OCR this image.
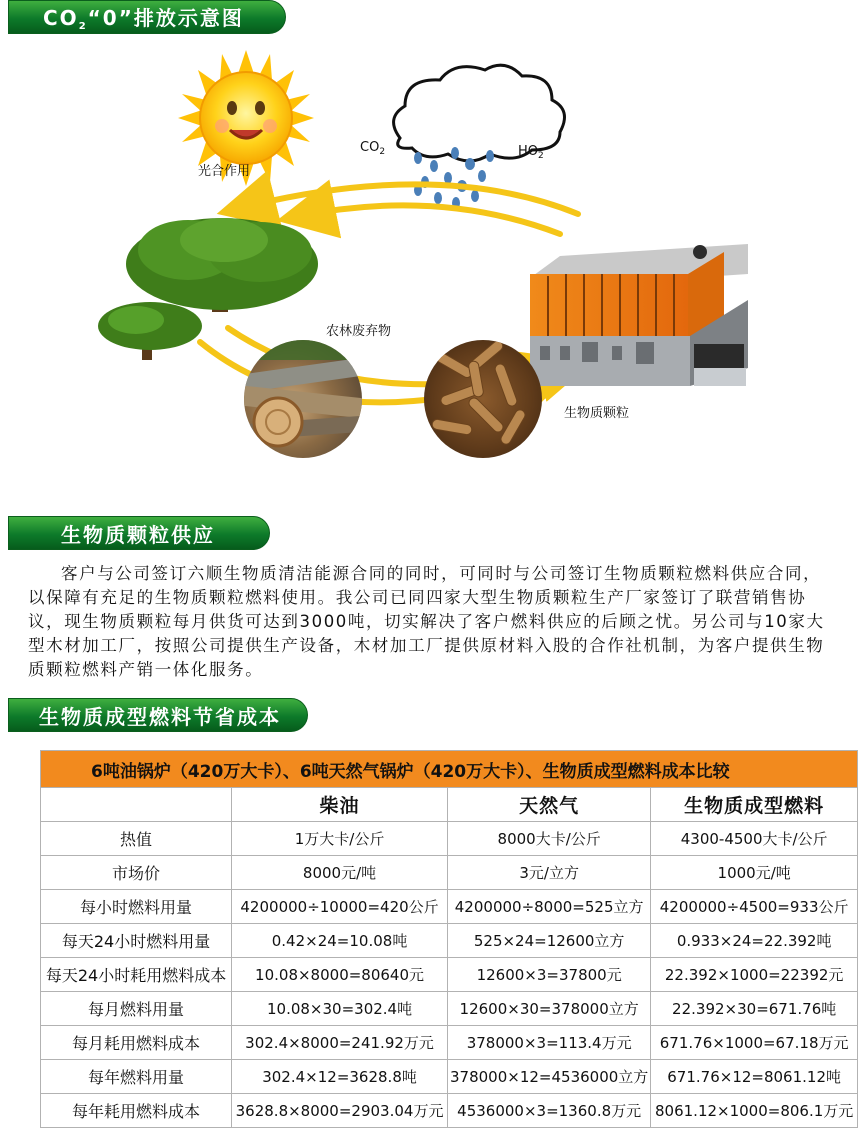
$CO_2“0$”排放示意图
光合作用
$CO_2$	$HO_2$
农林废弃物
生物质颗粒
生物质颗粒供应
客户与公司签订六顺生物质清洁能源合同的同时，可同时与公司签订生物质颗粒燃料供应合同，以保障有充足的生物质颗粒燃料使用。我公司已同四家大型生物质颗粒生产厂家签订了联营销售协议，现生物质颗粒每月供货可达到3000吨，切实解决了客户燃料供应的后顾之忧。另公司与10家大型木材加工厂，按照公司提供生产设备，木材加工厂提供原材料入股的合作社机制，为客户提供生物质颗粒燃料产销一体化服务。
生物质成型燃料节省成本
6吨油锅炉（420万大卡）、6吨天然气锅炉（420万大卡）、生物质成型燃料成本比较			
	柴油	天然气	生物质成型燃料
热值	1万大卡/公斤	8000大卡/公斤	4300-4500大卡/公斤
市场价	8000元/吨	3元/立方	1000元/吨
每小时燃料用量	4200000÷10000=420公斤	4200000÷8000=525立方	4200000÷4500=933公斤
每天24小时燃料用量	0.42×24=10.08吨	525×24=12600立方	0.933×24=22.392吨
每天24小时耗用燃料成本	10.08×8000=80640元	12600×3=37800元	22.392×1000=22392元
每月燃料用量	10.08×30=302.4吨	12600×30=378000立方	22.392×30=671.76吨
每月耗用燃料成本	302.4×8000=241.92万元	378000×3=113.4万元	671.76×1000=67.18万元
每年燃料用量	302.4×12=3628.8吨	378000×12=4536000立方	671.76×12=8061.12吨
每年耗用燃料成本	3628.8×8000=2903.04万元	4536000×3=1360.8万元	8061.12×1000=806.1万元
